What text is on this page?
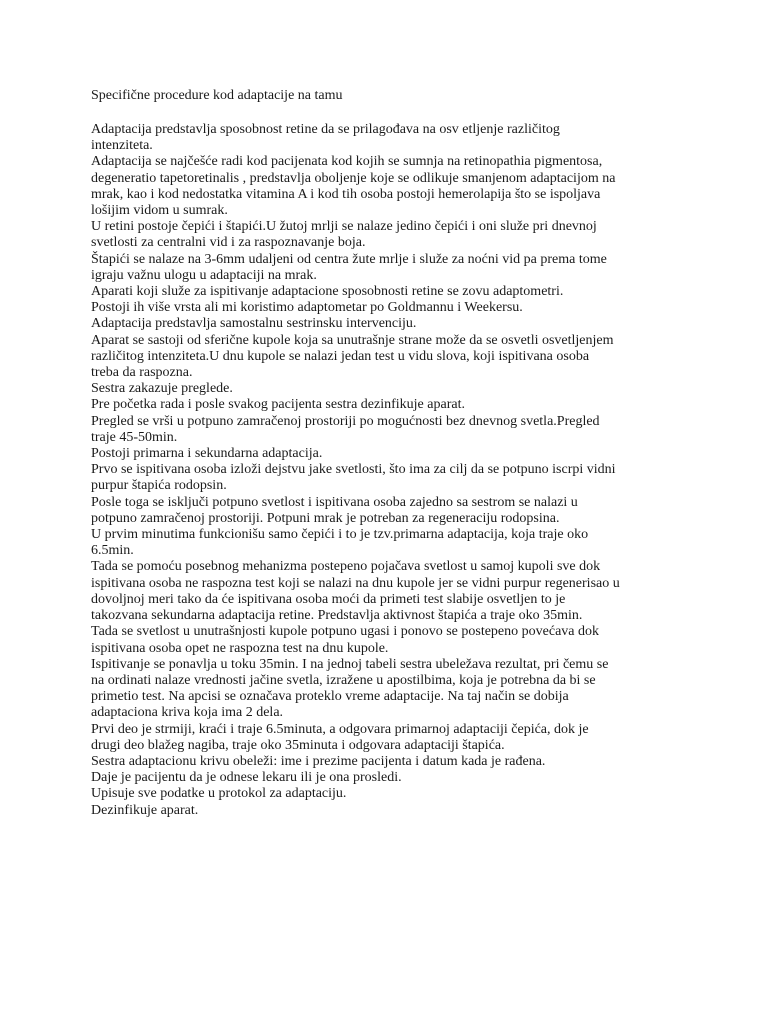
Specifične procedure kod adaptacije na tamu

Adaptacija predstavlja sposobnost retine da se prilagođava na osv etljenje različitog
intenziteta.

Adaptacija se najčešće radi kod pacijenata kod kojih se sumnja na retinopathia pigmentosa,
degeneratio tapetoretinalis , predstavlja oboljenje koje se odlikuje smanjenom adaptacijom na
mrak, kao i kod nedostatka vitamina A i kod tih osoba postoji hemerolapija što se ispoljava
lošijim vidom u sumrak.

U retini postoje čepići i štapići.U žutoj mrlji se nalaze jedino čepići i oni služe pri dnevnoj
svetlosti za centralni vid i za raspoznavanje boja.

Štapići se nalaze na 3-6mm udaljeni od centra žute mrlje i služe za noćni vid pa prema tome
igraju važnu ulogu u adaptaciji na mrak.

Aparati koji služe za ispitivanje adaptacione sposobnosti retine se zovu adaptometri.

Postoji ih više vrsta ali mi koristimo adaptometar po Goldmannu i Weekersu.

Adaptacija predstavlja samostalnu sestrinsku intervenciju.

Aparat se sastoji od sferične kupole koja sa unutrašnje strane može da se osvetli osvetljenjem
različitog intenziteta.U dnu kupole se nalazi jedan test u vidu slova, koji ispitivana osoba
treba da raspozna.

Sestra zakazuje preglede.

Pre početka rada i posle svakog pacijenta sestra dezinfikuje aparat.

Pregled se vrši u potpuno zamračenoj prostoriji po mogućnosti bez dnevnog svetla.Pregled
traje 45-50min.

Postoji primarna i sekundarna adaptacija.

Prvo se ispitivana osoba izloži dejstvu jake svetlosti, što ima za cilj da se potpuno iscrpi vidni
purpur štapića rodopsin.

Posle toga se isključi potpuno svetlost i ispitivana osoba zajedno sa sestrom se nalazi u
potpuno zamračenoj prostoriji. Potpuni mrak je potreban za regeneraciju rodopsina.

U prvim minutima funkcionišu samo čepići i to je tzv.primarna adaptacija, koja traje oko
6.5min.

Tada se pomoću posebnog mehanizma postepeno pojačava svetlost u samoj kupoli sve dok
ispitivana osoba ne raspozna test koji se nalazi na dnu kupole jer se vidni purpur regenerisao u
dovoljnoj meri tako da će ispitivana osoba moći da primeti test slabije osvetljen to je
takozvana sekundarna adaptacija retine. Predstavlja aktivnost štapića a traje oko 35min.

Tada se svetlost u unutrašnjosti kupole potpuno ugasi i ponovo se postepeno povećava dok
ispitivana osoba opet ne raspozna test na dnu kupole.

Ispitivanje se ponavlja u toku 35min. I na jednoj tabeli sestra ubeležava rezultat, pri čemu se
na ordinati nalaze vrednosti jačine svetla, izražene u apostilbima, koja je potrebna da bi se
primetio test. Na apcisi se označava proteklo vreme adaptacije. Na taj način se dobija
adaptaciona kriva koja ima 2 dela.

Prvi deo je strmiji, kraći i traje 6.5minuta, a odgovara primarnoj adaptaciji čepića, dok je
drugi deo blažeg nagiba, traje oko 35minuta i odgovara adaptaciji štapića.

Sestra adaptacionu krivu obeleži: ime i prezime pacijenta i datum kada je rađena.

Daje je pacijentu da je odnese lekaru ili je ona prosledi.

Upisuje sve podatke u protokol za adaptaciju.

Dezinfikuje aparat.
